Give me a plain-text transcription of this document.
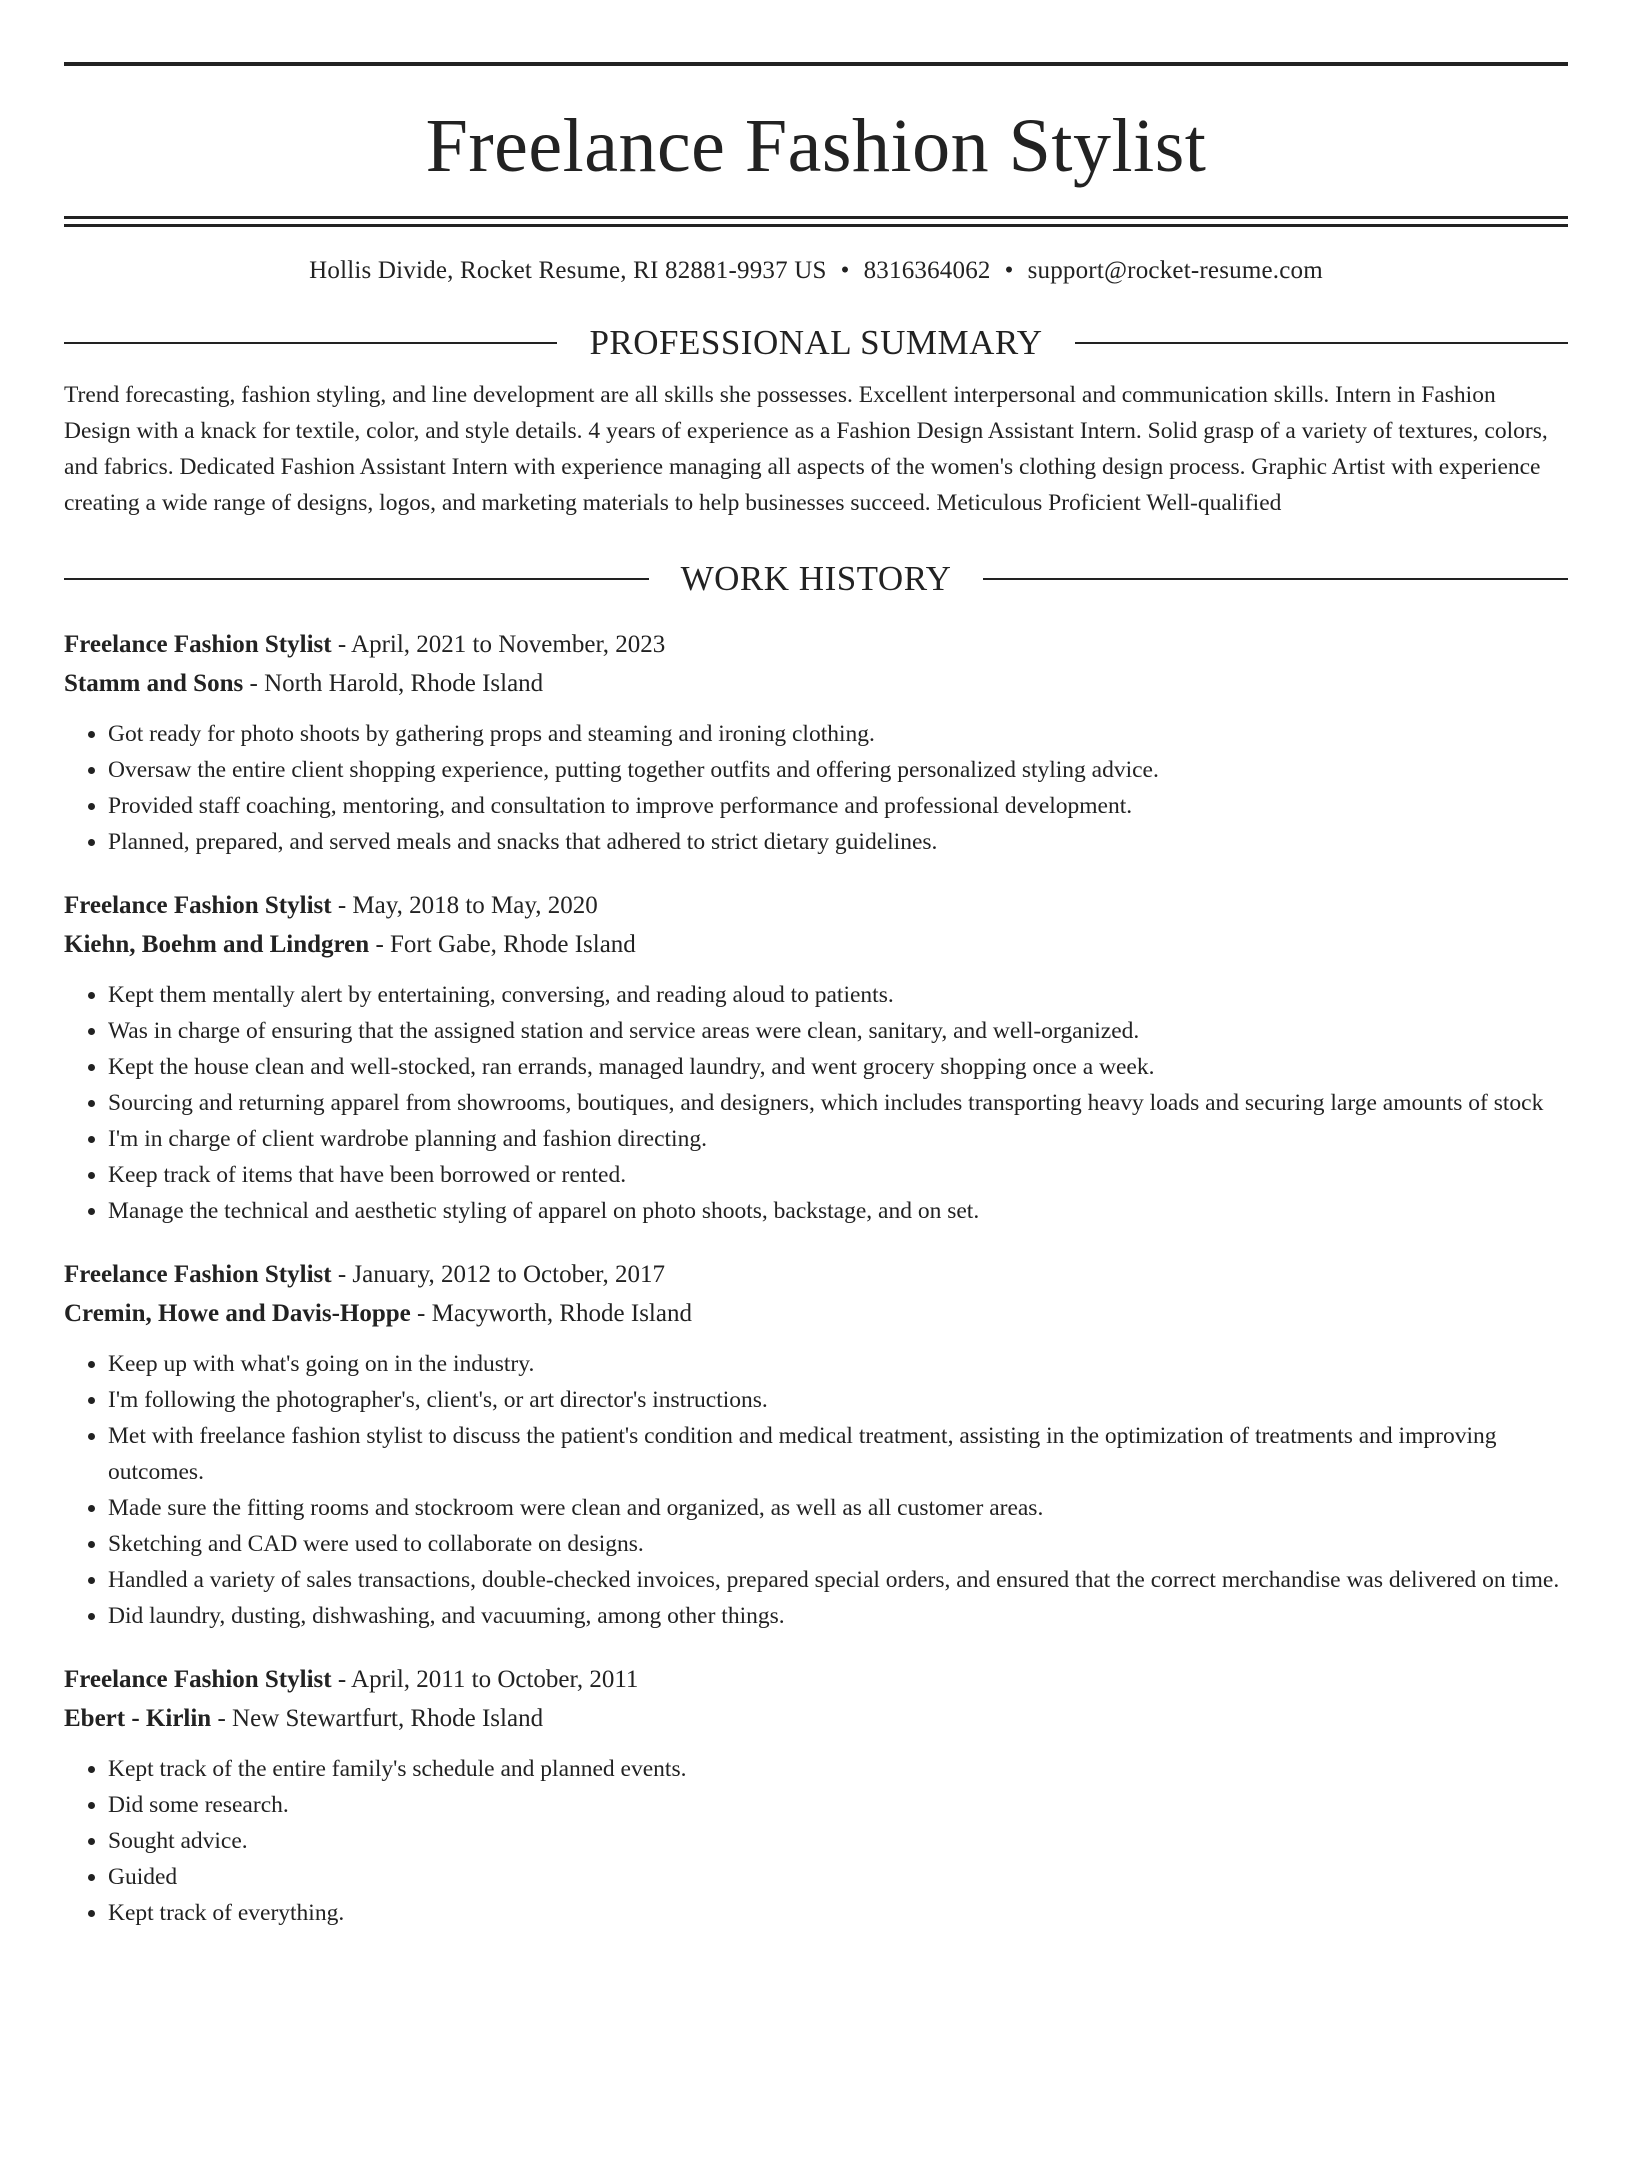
Freelance Fashion Stylist
Hollis Divide, Rocket Resume, RI 82881-9937 US • 8316364062 • support@rocket-resume.com
PROFESSIONAL SUMMARY
Trend forecasting, fashion styling, and line development are all skills she possesses. Excellent interpersonal and communication skills. Intern in Fashion Design with a knack for textile, color, and style details. 4 years of experience as a Fashion Design Assistant Intern. Solid grasp of a variety of textures, colors, and fabrics. Dedicated Fashion Assistant Intern with experience managing all aspects of the women's clothing design process. Graphic Artist with experience creating a wide range of designs, logos, and marketing materials to help businesses succeed. Meticulous Proficient Well-qualified
WORK HISTORY
Freelance Fashion Stylist - April, 2021 to November, 2023
Stamm and Sons - North Harold, Rhode Island
• Got ready for photo shoots by gathering props and steaming and ironing clothing.
• Oversaw the entire client shopping experience, putting together outfits and offering personalized styling advice.
• Provided staff coaching, mentoring, and consultation to improve performance and professional development.
• Planned, prepared, and served meals and snacks that adhered to strict dietary guidelines.
Freelance Fashion Stylist - May, 2018 to May, 2020
Kiehn, Boehm and Lindgren - Fort Gabe, Rhode Island
• Kept them mentally alert by entertaining, conversing, and reading aloud to patients.
• Was in charge of ensuring that the assigned station and service areas were clean, sanitary, and well-organized.
• Kept the house clean and well-stocked, ran errands, managed laundry, and went grocery shopping once a week.
• Sourcing and returning apparel from showrooms, boutiques, and designers, which includes transporting heavy loads and securing large amounts of stock
• I'm in charge of client wardrobe planning and fashion directing.
• Keep track of items that have been borrowed or rented.
• Manage the technical and aesthetic styling of apparel on photo shoots, backstage, and on set.
Freelance Fashion Stylist - January, 2012 to October, 2017
Cremin, Howe and Davis-Hoppe - Macyworth, Rhode Island
• Keep up with what's going on in the industry.
• I'm following the photographer's, client's, or art director's instructions.
• Met with freelance fashion stylist to discuss the patient's condition and medical treatment, assisting in the optimization of treatments and improving outcomes.
• Made sure the fitting rooms and stockroom were clean and organized, as well as all customer areas.
• Sketching and CAD were used to collaborate on designs.
• Handled a variety of sales transactions, double-checked invoices, prepared special orders, and ensured that the correct merchandise was delivered on time.
• Did laundry, dusting, dishwashing, and vacuuming, among other things.
Freelance Fashion Stylist - April, 2011 to October, 2011
Ebert - Kirlin - New Stewartfurt, Rhode Island
• Kept track of the entire family's schedule and planned events.
• Did some research.
• Sought advice.
• Guided
• Kept track of everything.
